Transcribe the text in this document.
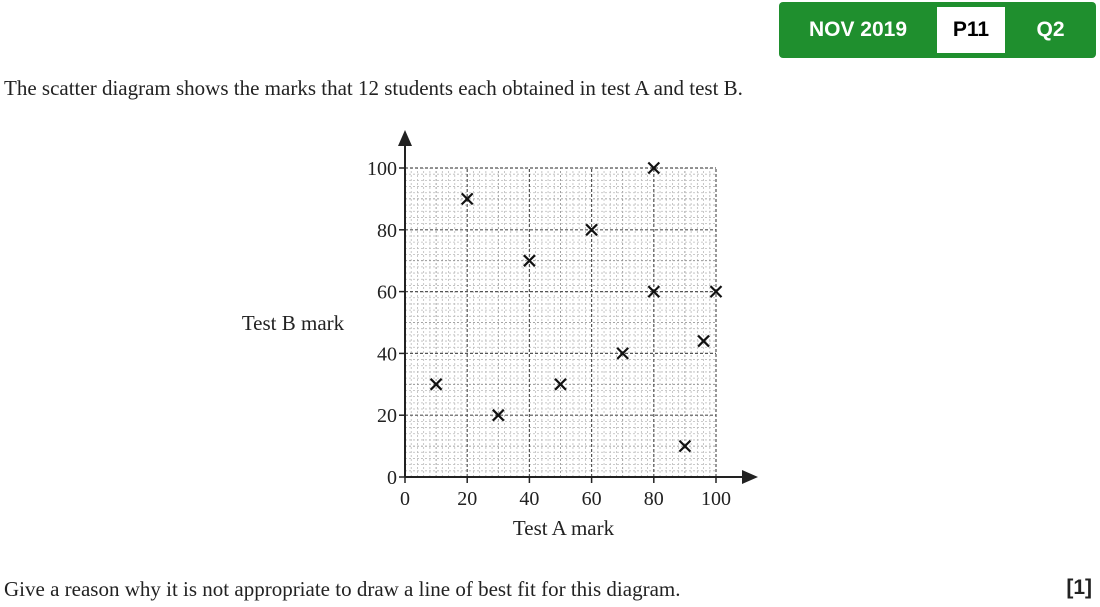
NOV 2019	P11	Q2
The scatter diagram shows the marks that 12 students each obtained in test A and test B.
0 20 40 60 80 100
0
20
40
60
80
100
Test A mark
Test B mark
Give a reason why it is not appropriate to draw a line of best fit for this diagram.	[1]
